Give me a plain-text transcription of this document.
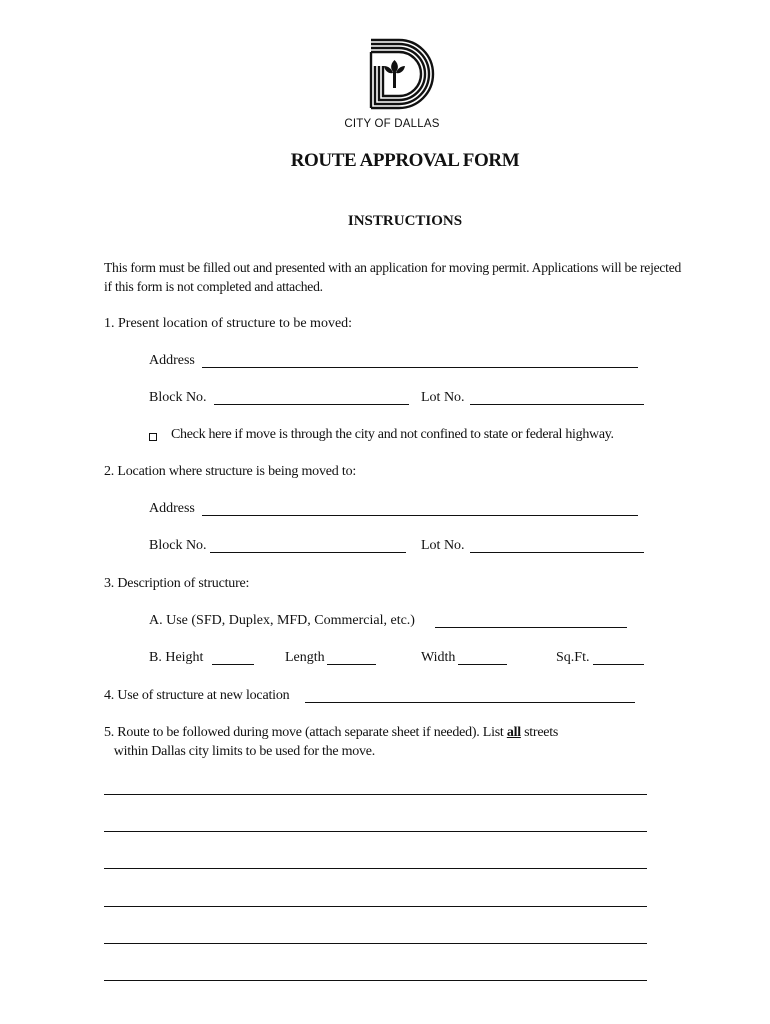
CITY OF DALLAS
ROUTE APPROVAL FORM
INSTRUCTIONS
This form must be filled out and presented with an application for moving permit. Applications will be rejected
if this form is not completed and attached.
1. Present location of structure to be moved:
Address
Block No.	Lot No.
Check here if move is through the city and not confined to state or federal highway.
2. Location where structure is being moved to:
Address
Block No.	Lot No.
3. Description of structure:
A. Use (SFD, Duplex, MFD, Commercial, etc.)
B. Height	Length	Width	Sq.Ft.
4. Use of structure at new location
5. Route to be followed during move (attach separate sheet if needed). List all streets
within Dallas city limits to be used for the move.
